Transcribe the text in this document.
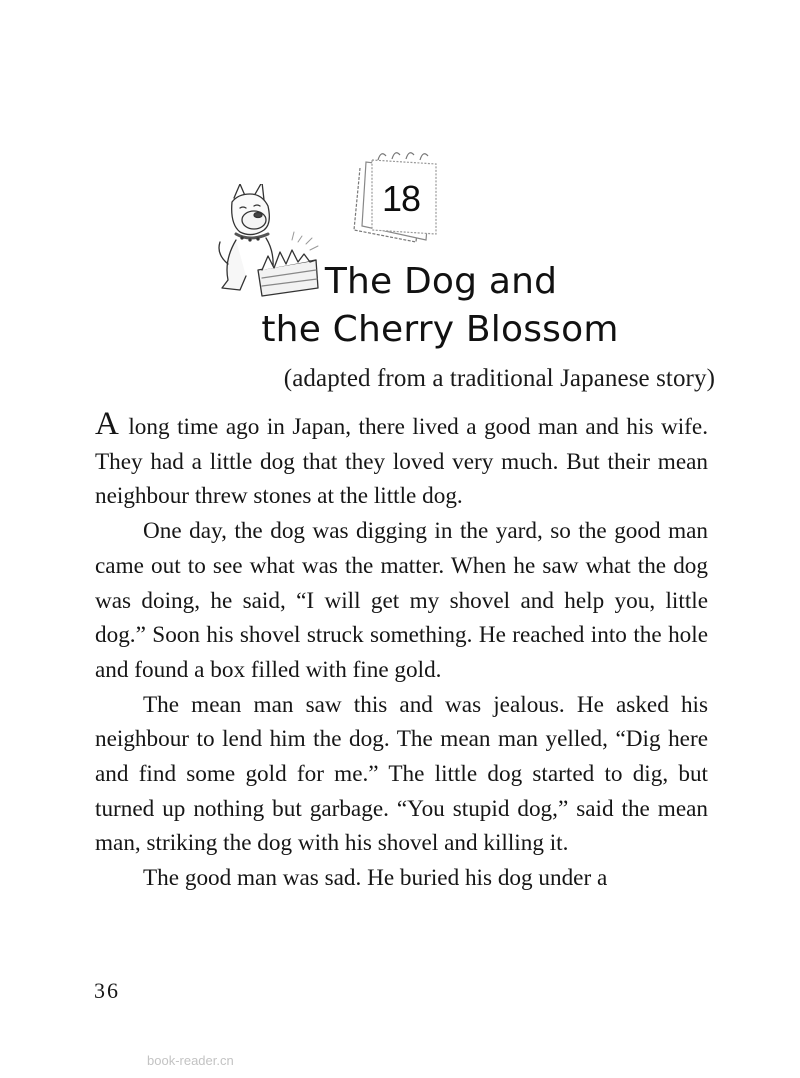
18
The Dog and
the Cherry Blossom
(adapted from a traditional Japanese story)

A long time ago in Japan, there lived a good man and his wife. They had a little dog that they loved very much. But their mean neighbour threw stones at the little dog.

One day, the dog was digging in the yard, so the good man came out to see what was the matter. When he saw what the dog was doing, he said, “I will get my shovel and help you, little dog.” Soon his shovel struck something. He reached into the hole and found a box filled with fine gold.

The mean man saw this and was jealous. He asked his neighbour to lend him the dog. The mean man yelled, “Dig here and find some gold for me.” The little dog started to dig, but turned up nothing but garbage. “You stupid dog,” said the mean man, striking the dog with his shovel and killing it.

The good man was sad. He buried his dog under a

36
book-reader.cn
